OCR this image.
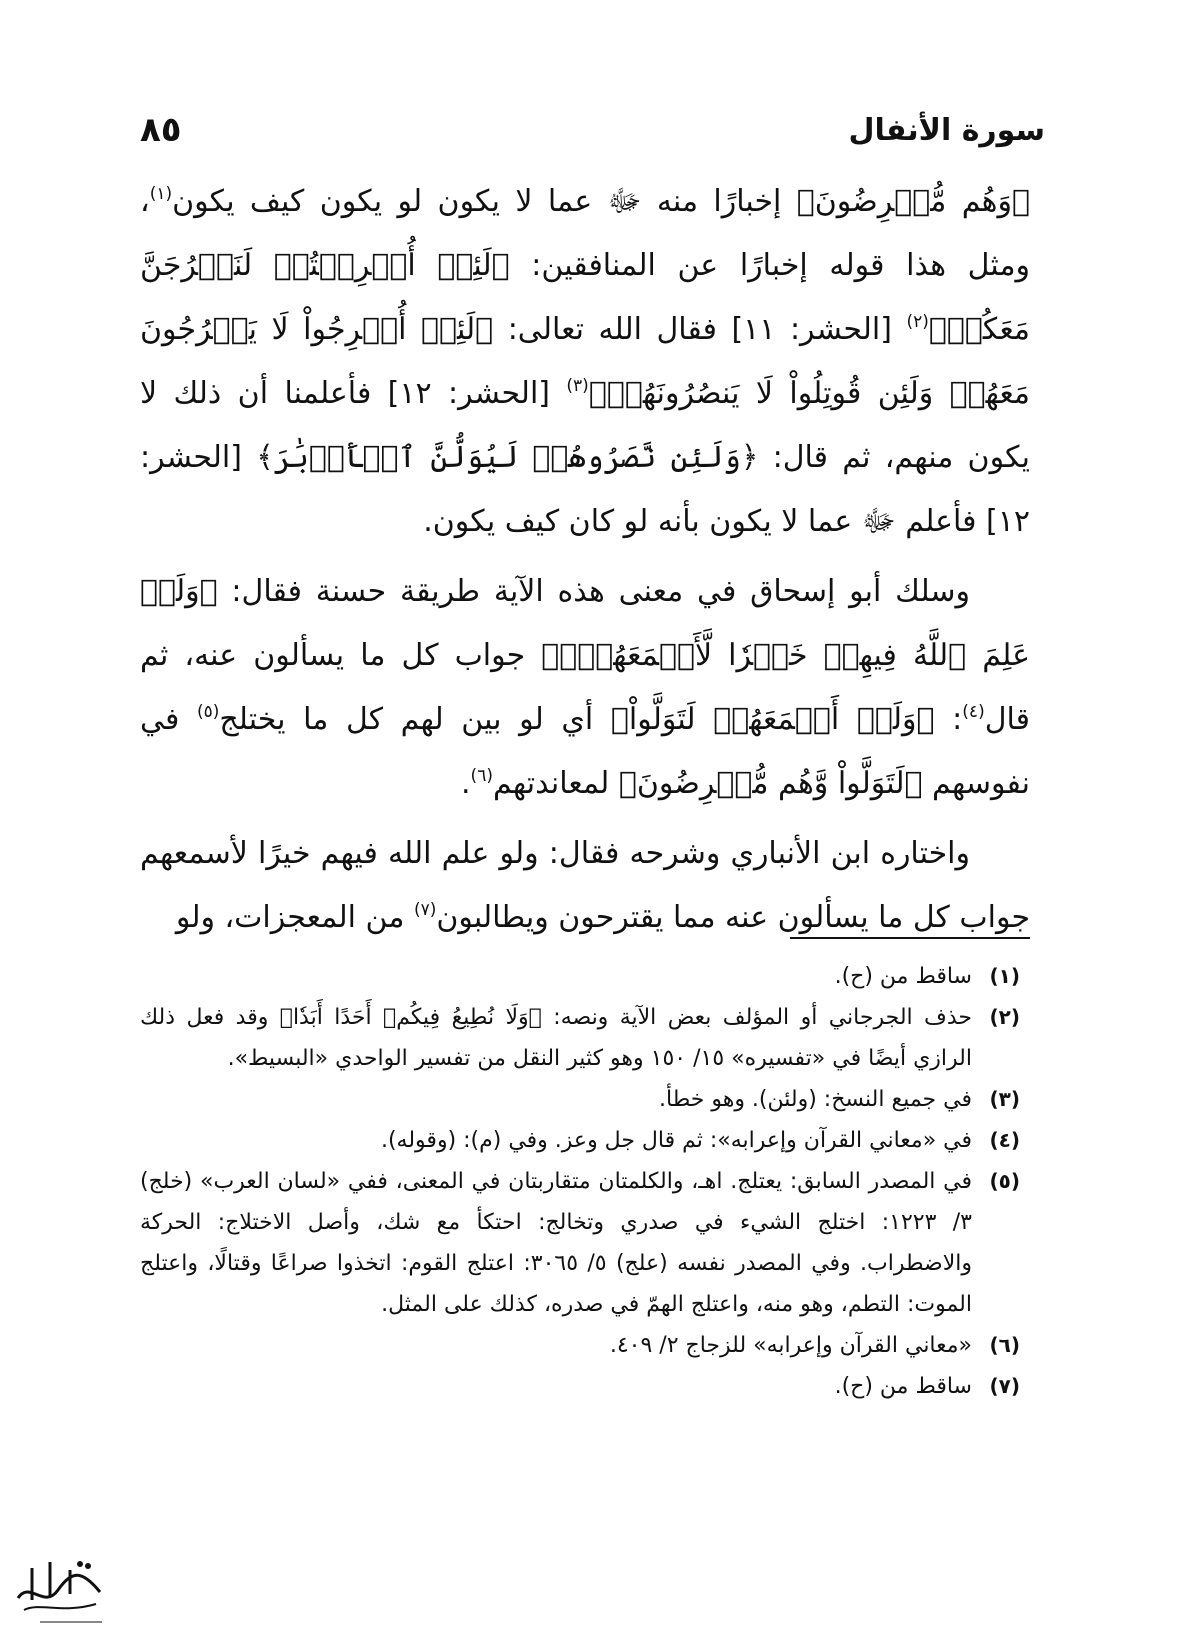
سورة الأنفال
٨٥

﴿وَهُم مُّعۡرِضُونَ﴾ إخبارًا منه ﷻ عما لا يكون لو يكون كيف يكون$^{(١)}$، ومثل هذا قوله إخبارًا عن المنافقين: ﴿لَئِنۡ أُخۡرِجۡتُمۡ لَنَخۡرُجَنَّ مَعَكُمۡ﴾$^{(٢)}$ [الحشر: ١١] فقال الله تعالى: ﴿لَئِنۡ أُخۡرِجُواْ لَا يَخۡرُجُونَ مَعَهُمۡ وَلَئِن قُوتِلُواْ لَا يَنصُرُونَهُمۡ﴾$^{(٣)}$ [الحشر: ١٢] فأعلمنا أن ذلك لا يكون منهم، ثم قال: ﴿وَلَئِن نَّصَرُوهُمۡ لَيُوَلُّنَّ ٱلۡأَدۡبَٰرَ﴾ [الحشر: ١٢] فأعلم ﷻ عما لا يكون بأنه لو كان كيف يكون.

وسلك أبو إسحاق في معنى هذه الآية طريقة حسنة فقال: ﴿وَلَوۡ عَلِمَ ٱللَّهُ فِيهِمۡ خَيۡرٗا لَّأَسۡمَعَهُمۡۖ﴾ جواب كل ما يسألون عنه، ثم قال$^{(٤)}$: ﴿وَلَوۡ أَسۡمَعَهُمۡ لَتَوَلَّواْ﴾ أي لو بين لهم كل ما يختلج$^{(٥)}$ في نفوسهم ﴿لَتَوَلَّواْ وَّهُم مُّعۡرِضُونَ﴾ لمعاندتهم$^{(٦)}$.

واختاره ابن الأنباري وشرحه فقال: ولو علم الله فيهم خيرًا لأسمعهم جواب كل ما يسألون عنه مما يقترحون ويطالبون$^{(٧)}$ من المعجزات، ولو

(١)
ساقط من (ح).
(٢)
حذف الجرجاني أو المؤلف بعض الآية ونصه: ﴿وَلَا نُطِيعُ فِيكُمۡ أَحَدًا أَبَدٗا﴾ وقد فعل ذلك الرازي أيضًا في «تفسيره» ١٥/ ١٥٠ وهو كثير النقل من تفسير الواحدي «البسيط».
(٣)
في جميع النسخ: (ولئن). وهو خطأ.
(٤)
في «معاني القرآن وإعرابه»: ثم قال جل وعز. وفي (م): (وقوله).
(٥)
في المصدر السابق: يعتلج. اهـ، والكلمتان متقاربتان في المعنى، ففي «لسان العرب» (خلج) ٣/ ١٢٢٣: اختلج الشيء في صدري وتخالج: احتكأ مع شك، وأصل الاختلاج: الحركة والاضطراب. وفي المصدر نفسه (علج) ٥/ ٣٠٦٥: اعتلج القوم: اتخذوا صراعًا وقتالًا، واعتلج الموت: التطم، وهو منه، واعتلج الهمّ في صدره، كذلك على المثل.
(٦)
«معاني القرآن وإعرابه» للزجاج ٢/ ٤٠٩.
(٧)
ساقط من (ح).
